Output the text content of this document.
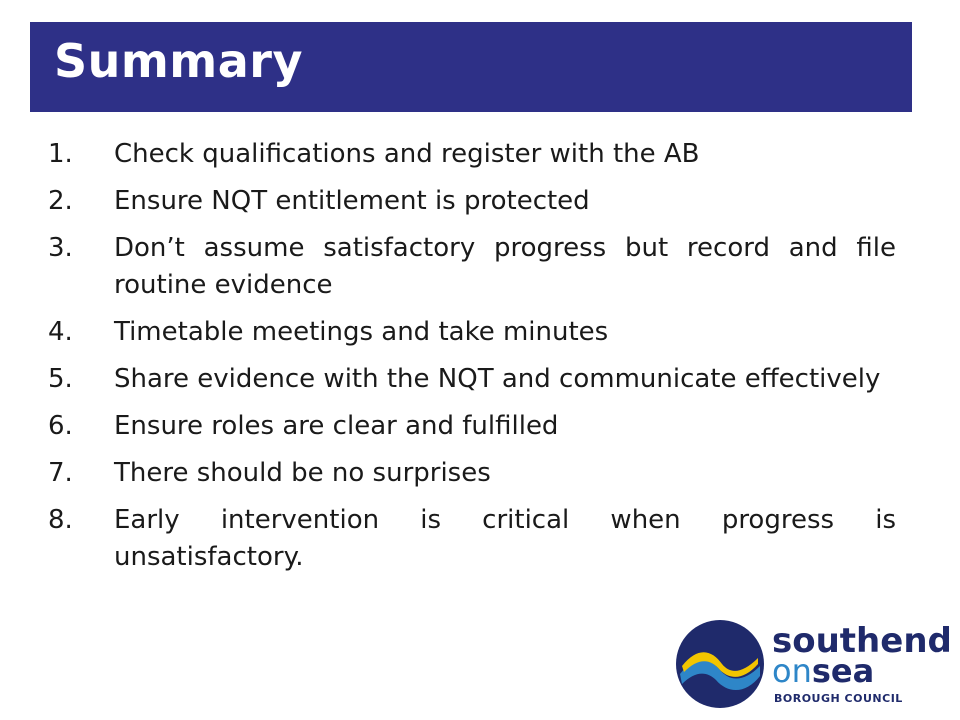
Summary
1. Check qualifications and register with the AB
2. Ensure NQT entitlement is protected
3. Don’t assume satisfactory progress but record and file routine evidence
4. Timetable meetings and take minutes
5. Share evidence with the NQT and communicate effectively
6. Ensure roles are clear and fulfilled
7. There should be no surprises
8. Early intervention is critical when progress is unsatisfactory.
southend
onsea
BOROUGH COUNCIL
